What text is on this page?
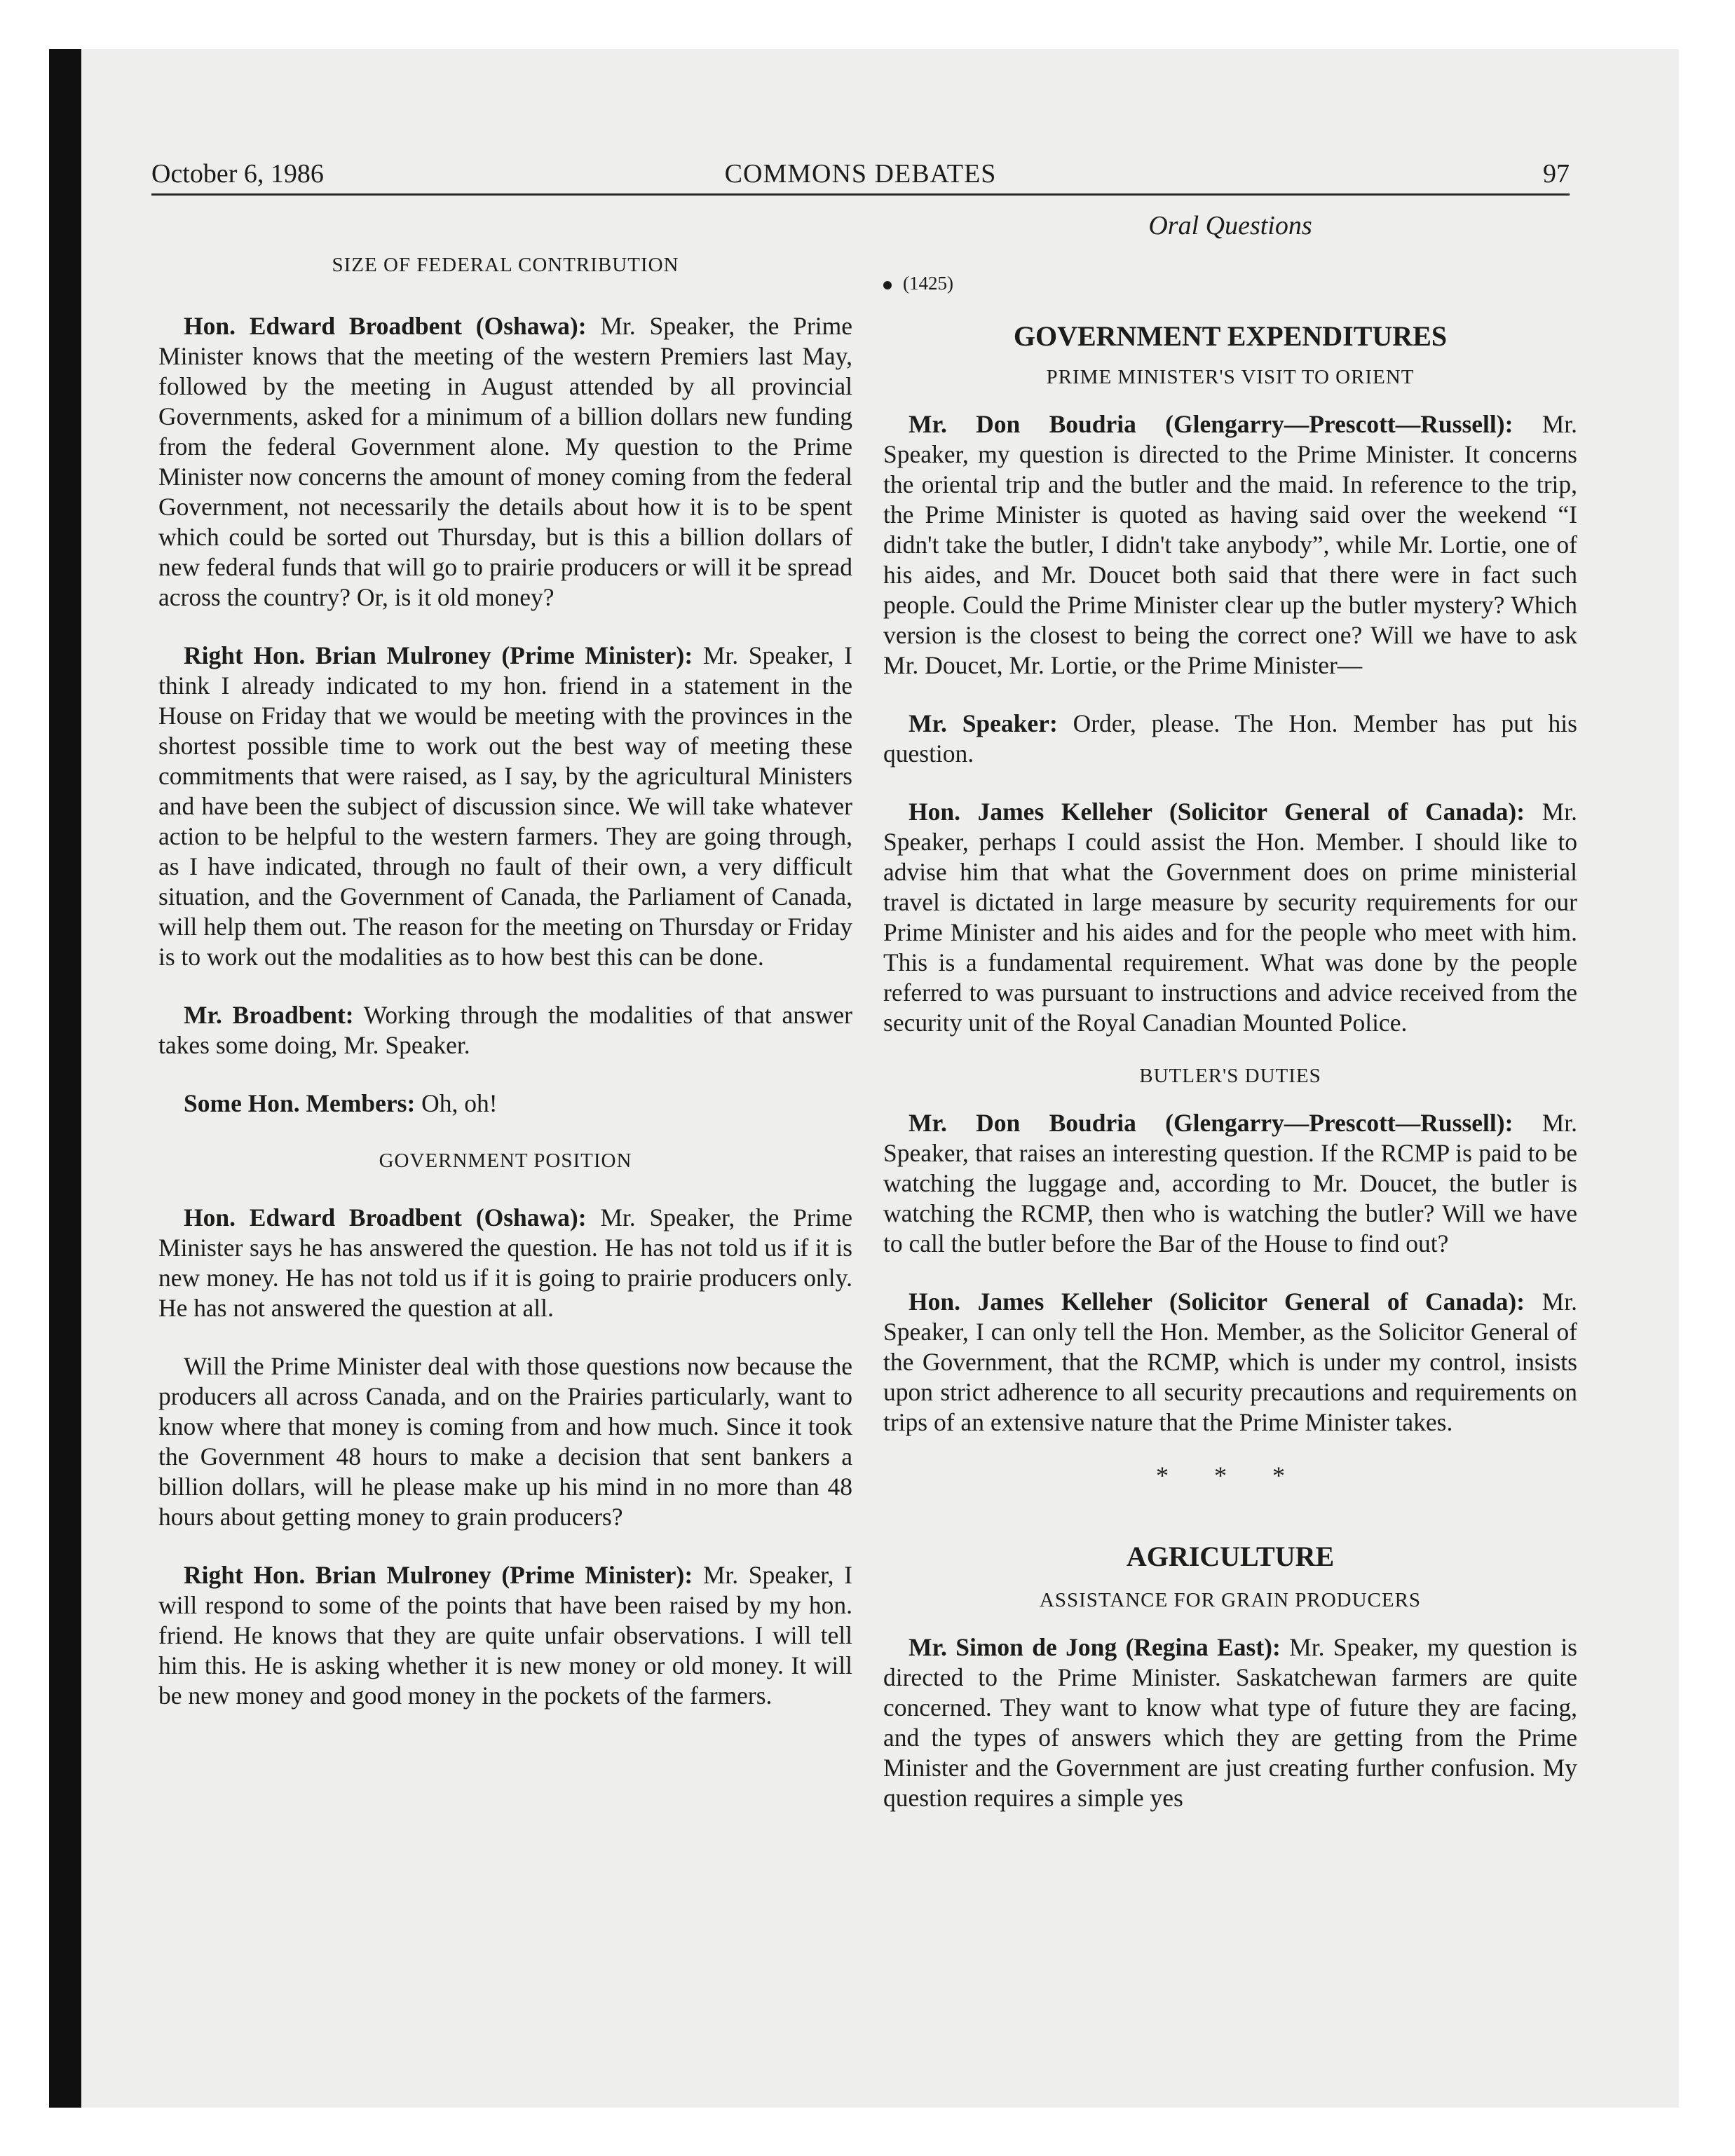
October 6, 1986	COMMONS DEBATES	97
SIZE OF FEDERAL CONTRIBUTION

Hon. Edward Broadbent (Oshawa): Mr. Speaker, the Prime Minister knows that the meeting of the western Premiers last May, followed by the meeting in August attended by all provincial Governments, asked for a minimum of a billion dollars new funding from the federal Government alone. My question to the Prime Minister now concerns the amount of money coming from the federal Government, not necessarily the details about how it is to be spent which could be sorted out Thursday, but is this a billion dollars of new federal funds that will go to prairie producers or will it be spread across the country? Or, is it old money?

Right Hon. Brian Mulroney (Prime Minister): Mr. Speaker, I think I already indicated to my hon. friend in a statement in the House on Friday that we would be meeting with the provinces in the shortest possible time to work out the best way of meeting these commitments that were raised, as I say, by the agricultural Ministers and have been the subject of discussion since. We will take whatever action to be helpful to the western farmers. They are going through, as I have indicated, through no fault of their own, a very difficult situation, and the Government of Canada, the Parliament of Canada, will help them out. The reason for the meeting on Thursday or Friday is to work out the modalities as to how best this can be done.

Mr. Broadbent: Working through the modalities of that answer takes some doing, Mr. Speaker.

Some Hon. Members: Oh, oh!

GOVERNMENT POSITION

Hon. Edward Broadbent (Oshawa): Mr. Speaker, the Prime Minister says he has answered the question. He has not told us if it is new money. He has not told us if it is going to prairie producers only. He has not answered the question at all.

Will the Prime Minister deal with those questions now because the producers all across Canada, and on the Prairies particularly, want to know where that money is coming from and how much. Since it took the Government 48 hours to make a decision that sent bankers a billion dollars, will he please make up his mind in no more than 48 hours about getting money to grain producers?

Right Hon. Brian Mulroney (Prime Minister): Mr. Speaker, I will respond to some of the points that have been raised by my hon. friend. He knows that they are quite unfair observations. I will tell him this. He is asking whether it is new money or old money. It will be new money and good money in the pockets of the farmers.

Oral Questions
(1425)
GOVERNMENT EXPENDITURES
PRIME MINISTER'S VISIT TO ORIENT

Mr. Don Boudria (Glengarry—Prescott—Russell): Mr. Speaker, my question is directed to the Prime Minister. It concerns the oriental trip and the butler and the maid. In reference to the trip, the Prime Minister is quoted as having said over the weekend “I didn't take the butler, I didn't take anybody”, while Mr. Lortie, one of his aides, and Mr. Doucet both said that there were in fact such people. Could the Prime Minister clear up the butler mystery? Which version is the closest to being the correct one? Will we have to ask Mr. Doucet, Mr. Lortie, or the Prime Minister—

Mr. Speaker: Order, please. The Hon. Member has put his question.

Hon. James Kelleher (Solicitor General of Canada): Mr. Speaker, perhaps I could assist the Hon. Member. I should like to advise him that what the Government does on prime ministerial travel is dictated in large measure by security requirements for our Prime Minister and his aides and for the people who meet with him. This is a fundamental requirement. What was done by the people referred to was pursuant to instructions and advice received from the security unit of the Royal Canadian Mounted Police.

BUTLER'S DUTIES

Mr. Don Boudria (Glengarry—Prescott—Russell): Mr. Speaker, that raises an interesting question. If the RCMP is paid to be watching the luggage and, according to Mr. Doucet, the butler is watching the RCMP, then who is watching the butler? Will we have to call the butler before the Bar of the House to find out?

Hon. James Kelleher (Solicitor General of Canada): Mr. Speaker, I can only tell the Hon. Member, as the Solicitor General of the Government, that the RCMP, which is under my control, insists upon strict adherence to all security precautions and requirements on trips of an extensive nature that the Prime Minister takes.

* * *
AGRICULTURE
ASSISTANCE FOR GRAIN PRODUCERS

Mr. Simon de Jong (Regina East): Mr. Speaker, my question is directed to the Prime Minister. Saskatchewan farmers are quite concerned. They want to know what type of future they are facing, and the types of answers which they are getting from the Prime Minister and the Government are just creating further confusion. My question requires a simple yes
